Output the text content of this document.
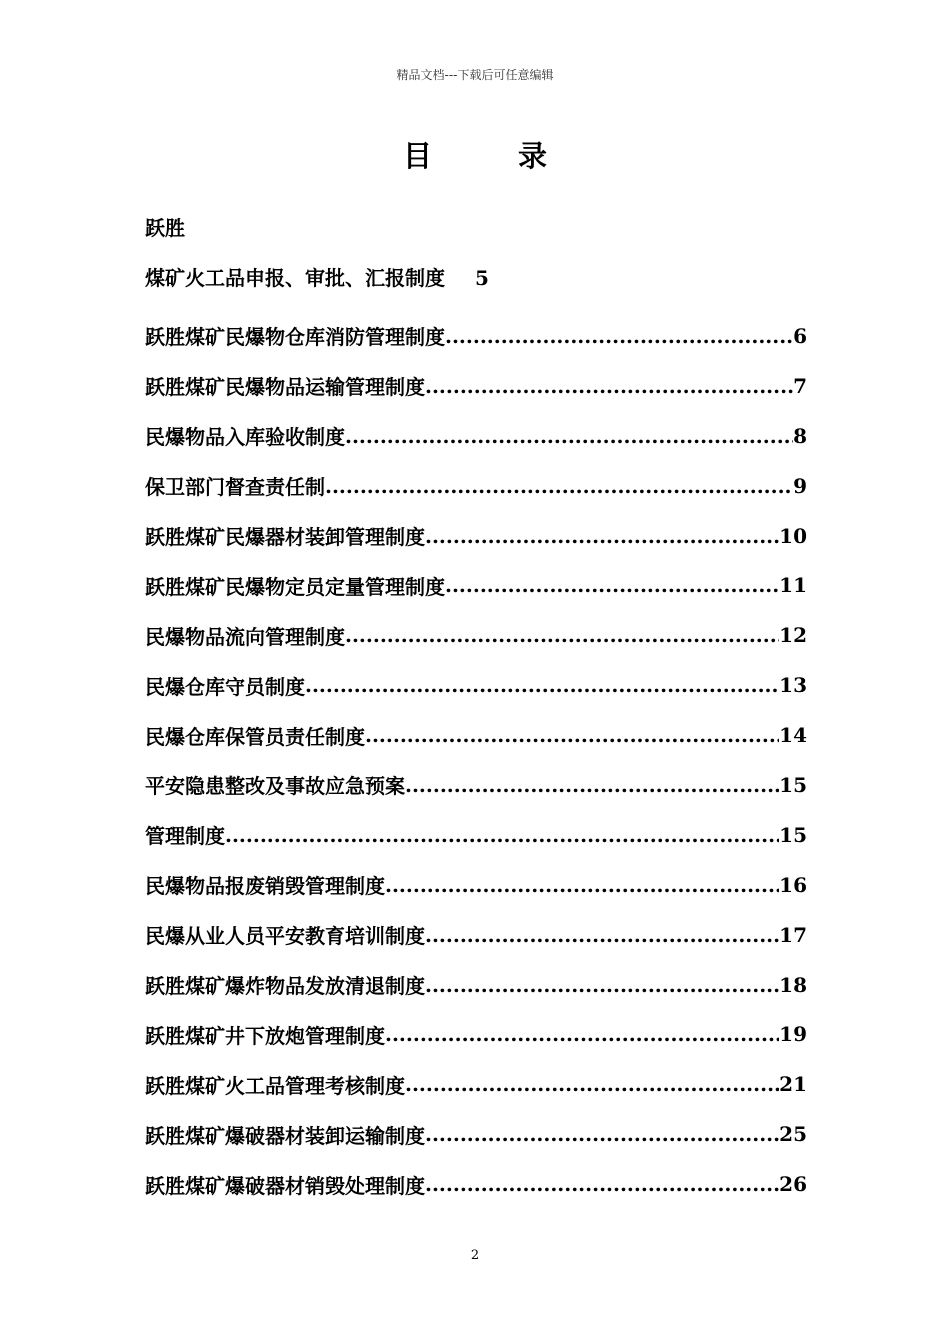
精品文档---下载后可任意编辑
目	录
跃胜
煤矿火工品申报、审批、汇报制度 5
跃胜煤矿民爆物仓库消防管理制度 .....	6
跃胜煤矿民爆物品运输管理制度 .....	7
民爆物品入库验收制度 .....	8
保卫部门督查责任制 .....	9
跃胜煤矿民爆器材装卸管理制度 .....	10
跃胜煤矿民爆物定员定量管理制度 .....	11
民爆物品流向管理制度 .....	12
民爆仓库守员制度 .....	13
民爆仓库保管员责任制度 .....	14
平安隐患整改及事故应急预案 .....	15
管理制度 .....	15
民爆物品报废销毁管理制度 .....	16
民爆从业人员平安教育培训制度 .....	17
跃胜煤矿爆炸物品发放清退制度 .....	18
跃胜煤矿井下放炮管理制度 .....	19
跃胜煤矿火工品管理考核制度 .....	21
跃胜煤矿爆破器材装卸运输制度 .....	25
跃胜煤矿爆破器材销毁处理制度 .....	26
2
